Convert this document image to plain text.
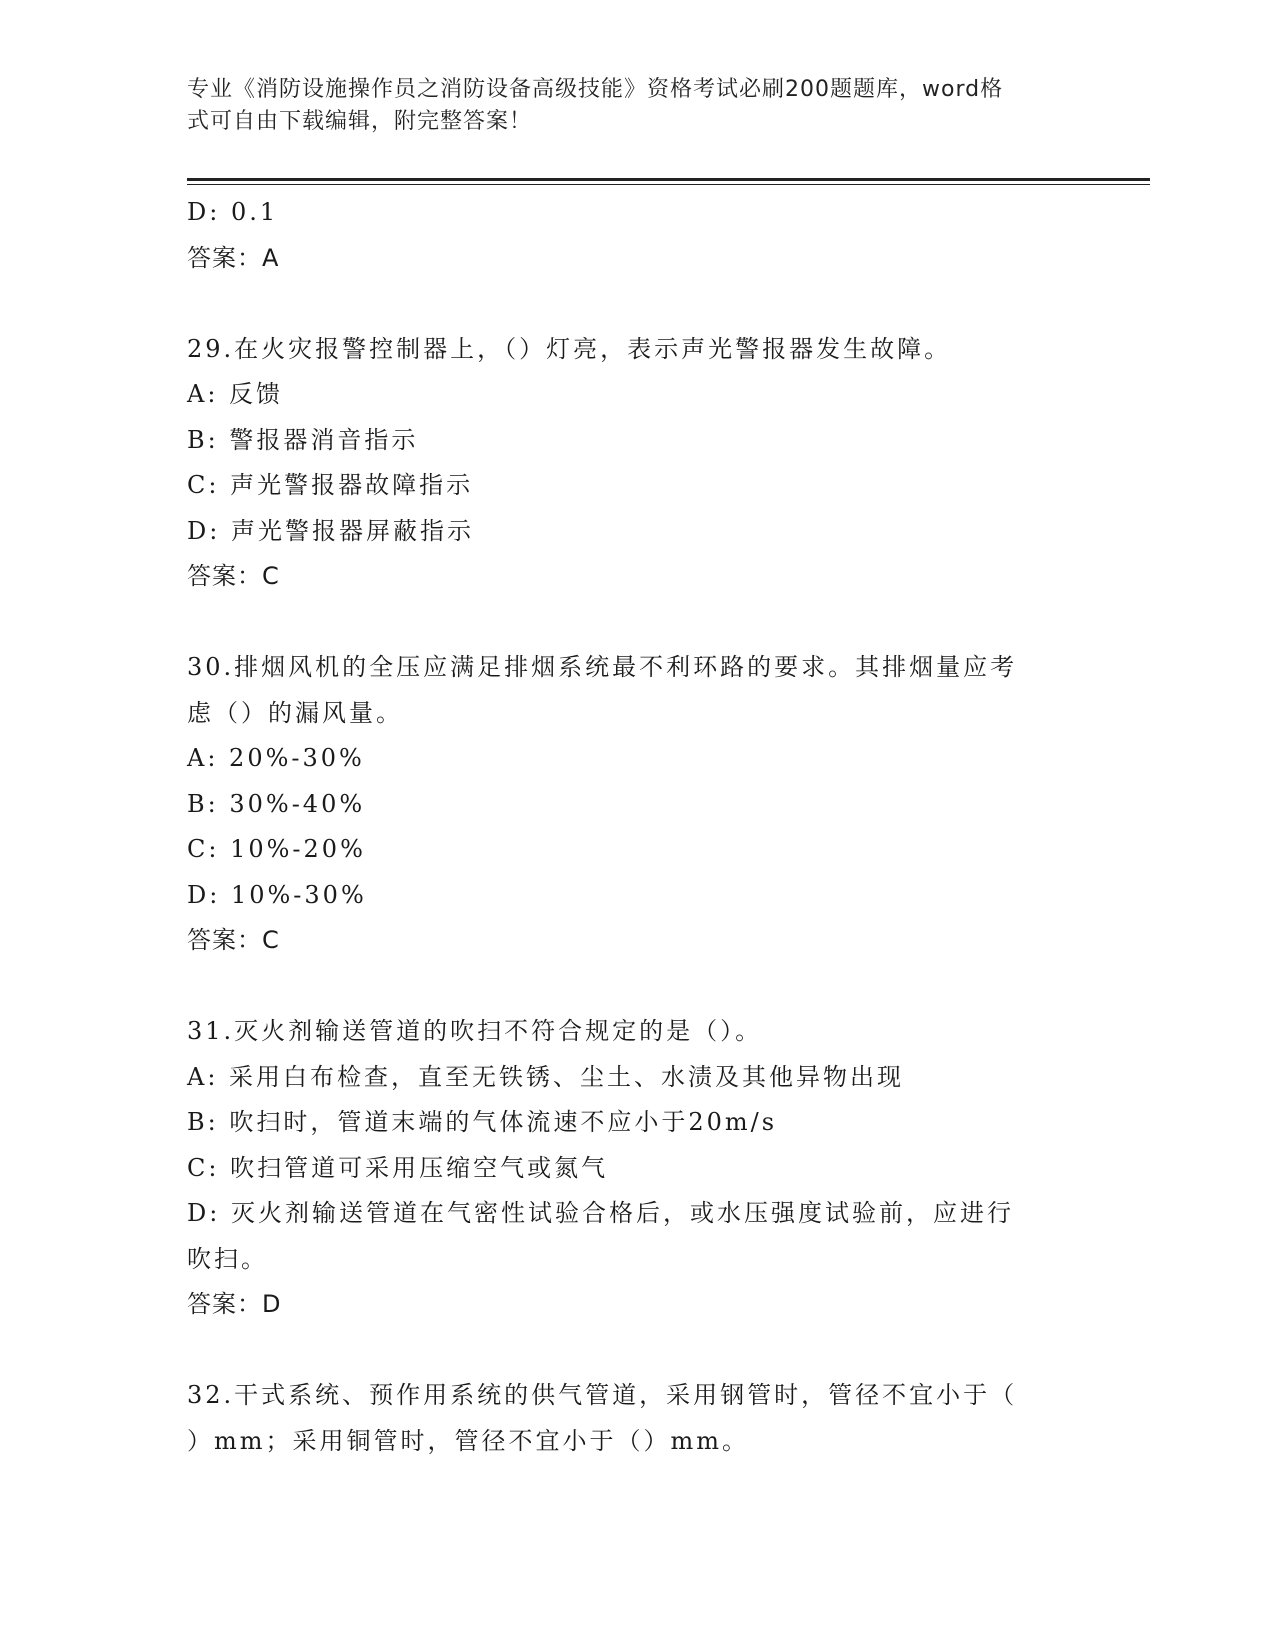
专业《消防设施操作员之消防设备高级技能》资格考试必刷200题题库，word格
式可自由下载编辑，附完整答案！
D: 0.1
答案：A
29.在火灾报警控制器上，（）灯亮，表示声光警报器发生故障。
A: 反馈
B: 警报器消音指示
C: 声光警报器故障指示
D: 声光警报器屏蔽指示
答案：C
30.排烟风机的全压应满足排烟系统最不利环路的要求。其排烟量应考
虑（）的漏风量。
A: 20%-30%
B: 30%-40%
C: 10%-20%
D: 10%-30%
答案：C
31.灭火剂输送管道的吹扫不符合规定的是（）。
A: 采用白布检查，直至无铁锈、尘土、水渍及其他异物出现
B: 吹扫时，管道末端的气体流速不应小于20m/s
C: 吹扫管道可采用压缩空气或氮气
D: 灭火剂输送管道在气密性试验合格后，或水压强度试验前，应进行
吹扫。
答案：D
32.干式系统、预作用系统的供气管道，采用钢管时，管径不宜小于（
）mm；采用铜管时，管径不宜小于（）mm。
